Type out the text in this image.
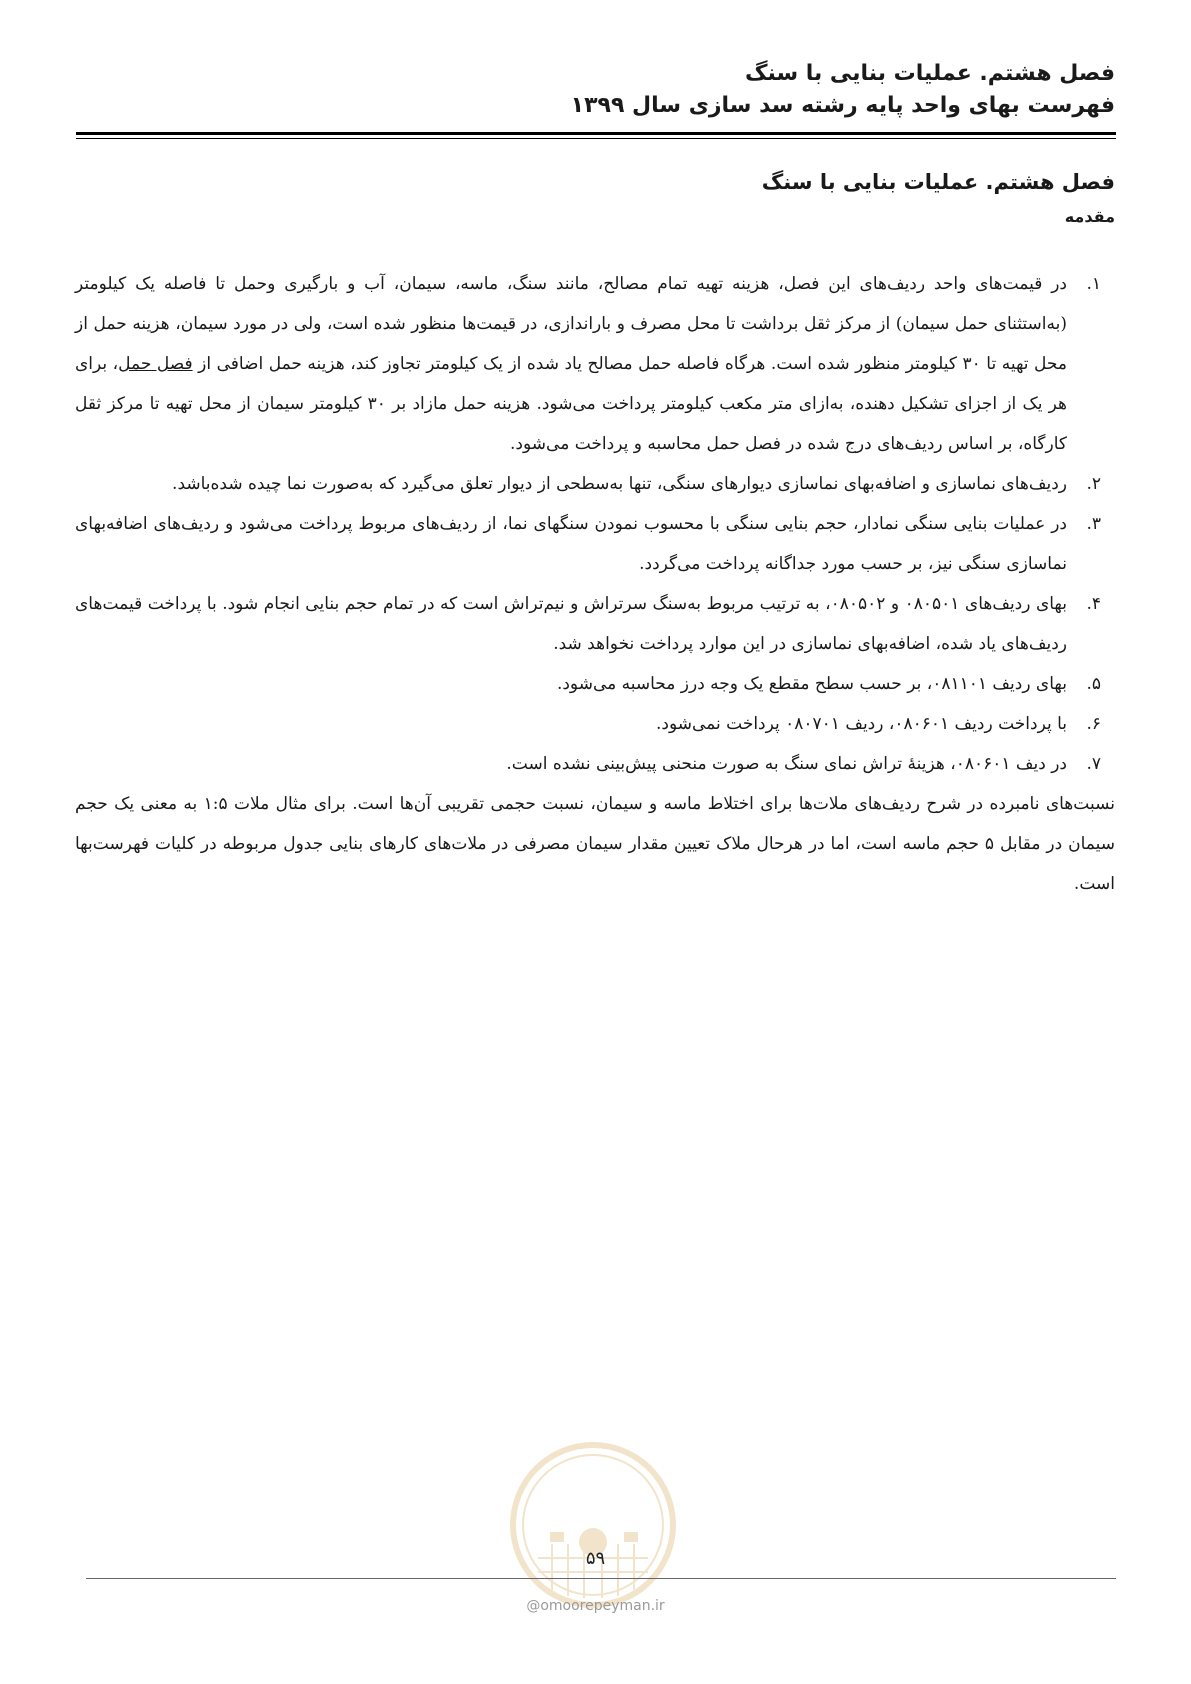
فصل هشتم. عملیات بنایی با سنگ
فهرست بهای واحد پایه رشته سد سازی سال ۱۳۹۹
فصل هشتم. عملیات بنایی با سنگ
مقدمه
۱.
در قیمت‌های واحد ردیف‌های این فصل، هزینه تهیه تمام مصالح، مانند سنگ، ماسه، سیمان، آب و بارگیری وحمل تا فاصله یک کیلومتر (به‌استثنای حمل سیمان) از مرکز ثقل برداشت تا محل مصرف و باراندازی، در قیمت‌ها منظور شده است، ولی در مورد سیمان، هزینه حمل از محل تهیه تا ۳۰ کیلومتر منظور شده است. هرگاه فاصله حمل مصالح یاد شده از یک کیلومتر تجاوز کند، هزینه حمل اضافی از فصل حمل، برای هر یک از اجزای تشکیل دهنده، به‌ازای متر مکعب کیلومتر پرداخت می‌شود. هزینه حمل مازاد بر ۳۰ کیلومتر سیمان از محل تهیه تا مرکز ثقل کارگاه، بر اساس ردیف‌های درج شده در فصل حمل محاسبه و پرداخت می‌شود.
۲.
ردیف‌های نماسازی و اضافه‌بهای نماسازی دیوارهای سنگی، تنها به‌سطحی از دیوار تعلق می‌گیرد که به‌صورت نما چیده شده‌باشد.
۳.
در عملیات بنایی سنگی نمادار، حجم بنایی سنگی با محسوب نمودن سنگهای نما، از ردیف‌های مربوط پرداخت می‌شود و ردیف‌های اضافه‌بهای نماسازی سنگی نیز، بر حسب مورد جداگانه پرداخت می‌گردد.
۴.
بهای ردیف‌های ۰۸۰۵۰۱ و ۰۸۰۵۰۲، به ترتیب مربوط به‌سنگ سرتراش و نیم‌تراش است که در تمام حجم بنایی انجام شود. با پرداخت قیمت‌های ردیف‌های یاد شده، اضافه‌بهای نماسازی در این موارد پرداخت نخواهد شد.
۵.
بهای ردیف ۰۸۱۱۰۱، بر حسب سطح مقطع یک وجه درز محاسبه می‌شود.
۶.
با پرداخت ردیف ۰۸۰۶۰۱، ردیف ۰۸۰۷۰۱ پرداخت نمی‌شود.
۷.
در دیف ۰۸۰۶۰۱، هزینهٔ تراش نمای سنگ به صورت منحنی پیش‌بینی نشده است.
نسبت‌های نامبرده در شرح ردیف‌های ملات‌ها برای اختلاط ماسه و سیمان، نسبت حجمی تقریبی آن‌ها است. برای مثال ملات ۱:۵ به معنی یک حجم سیمان در مقابل ۵ حجم ماسه است، اما در هرحال ملاک تعیین مقدار سیمان مصرفی در ملات‌های کارهای بنایی جدول مربوطه در کلیات فهرست‌بها است.
۵۹
@omoorepeyman.ir
